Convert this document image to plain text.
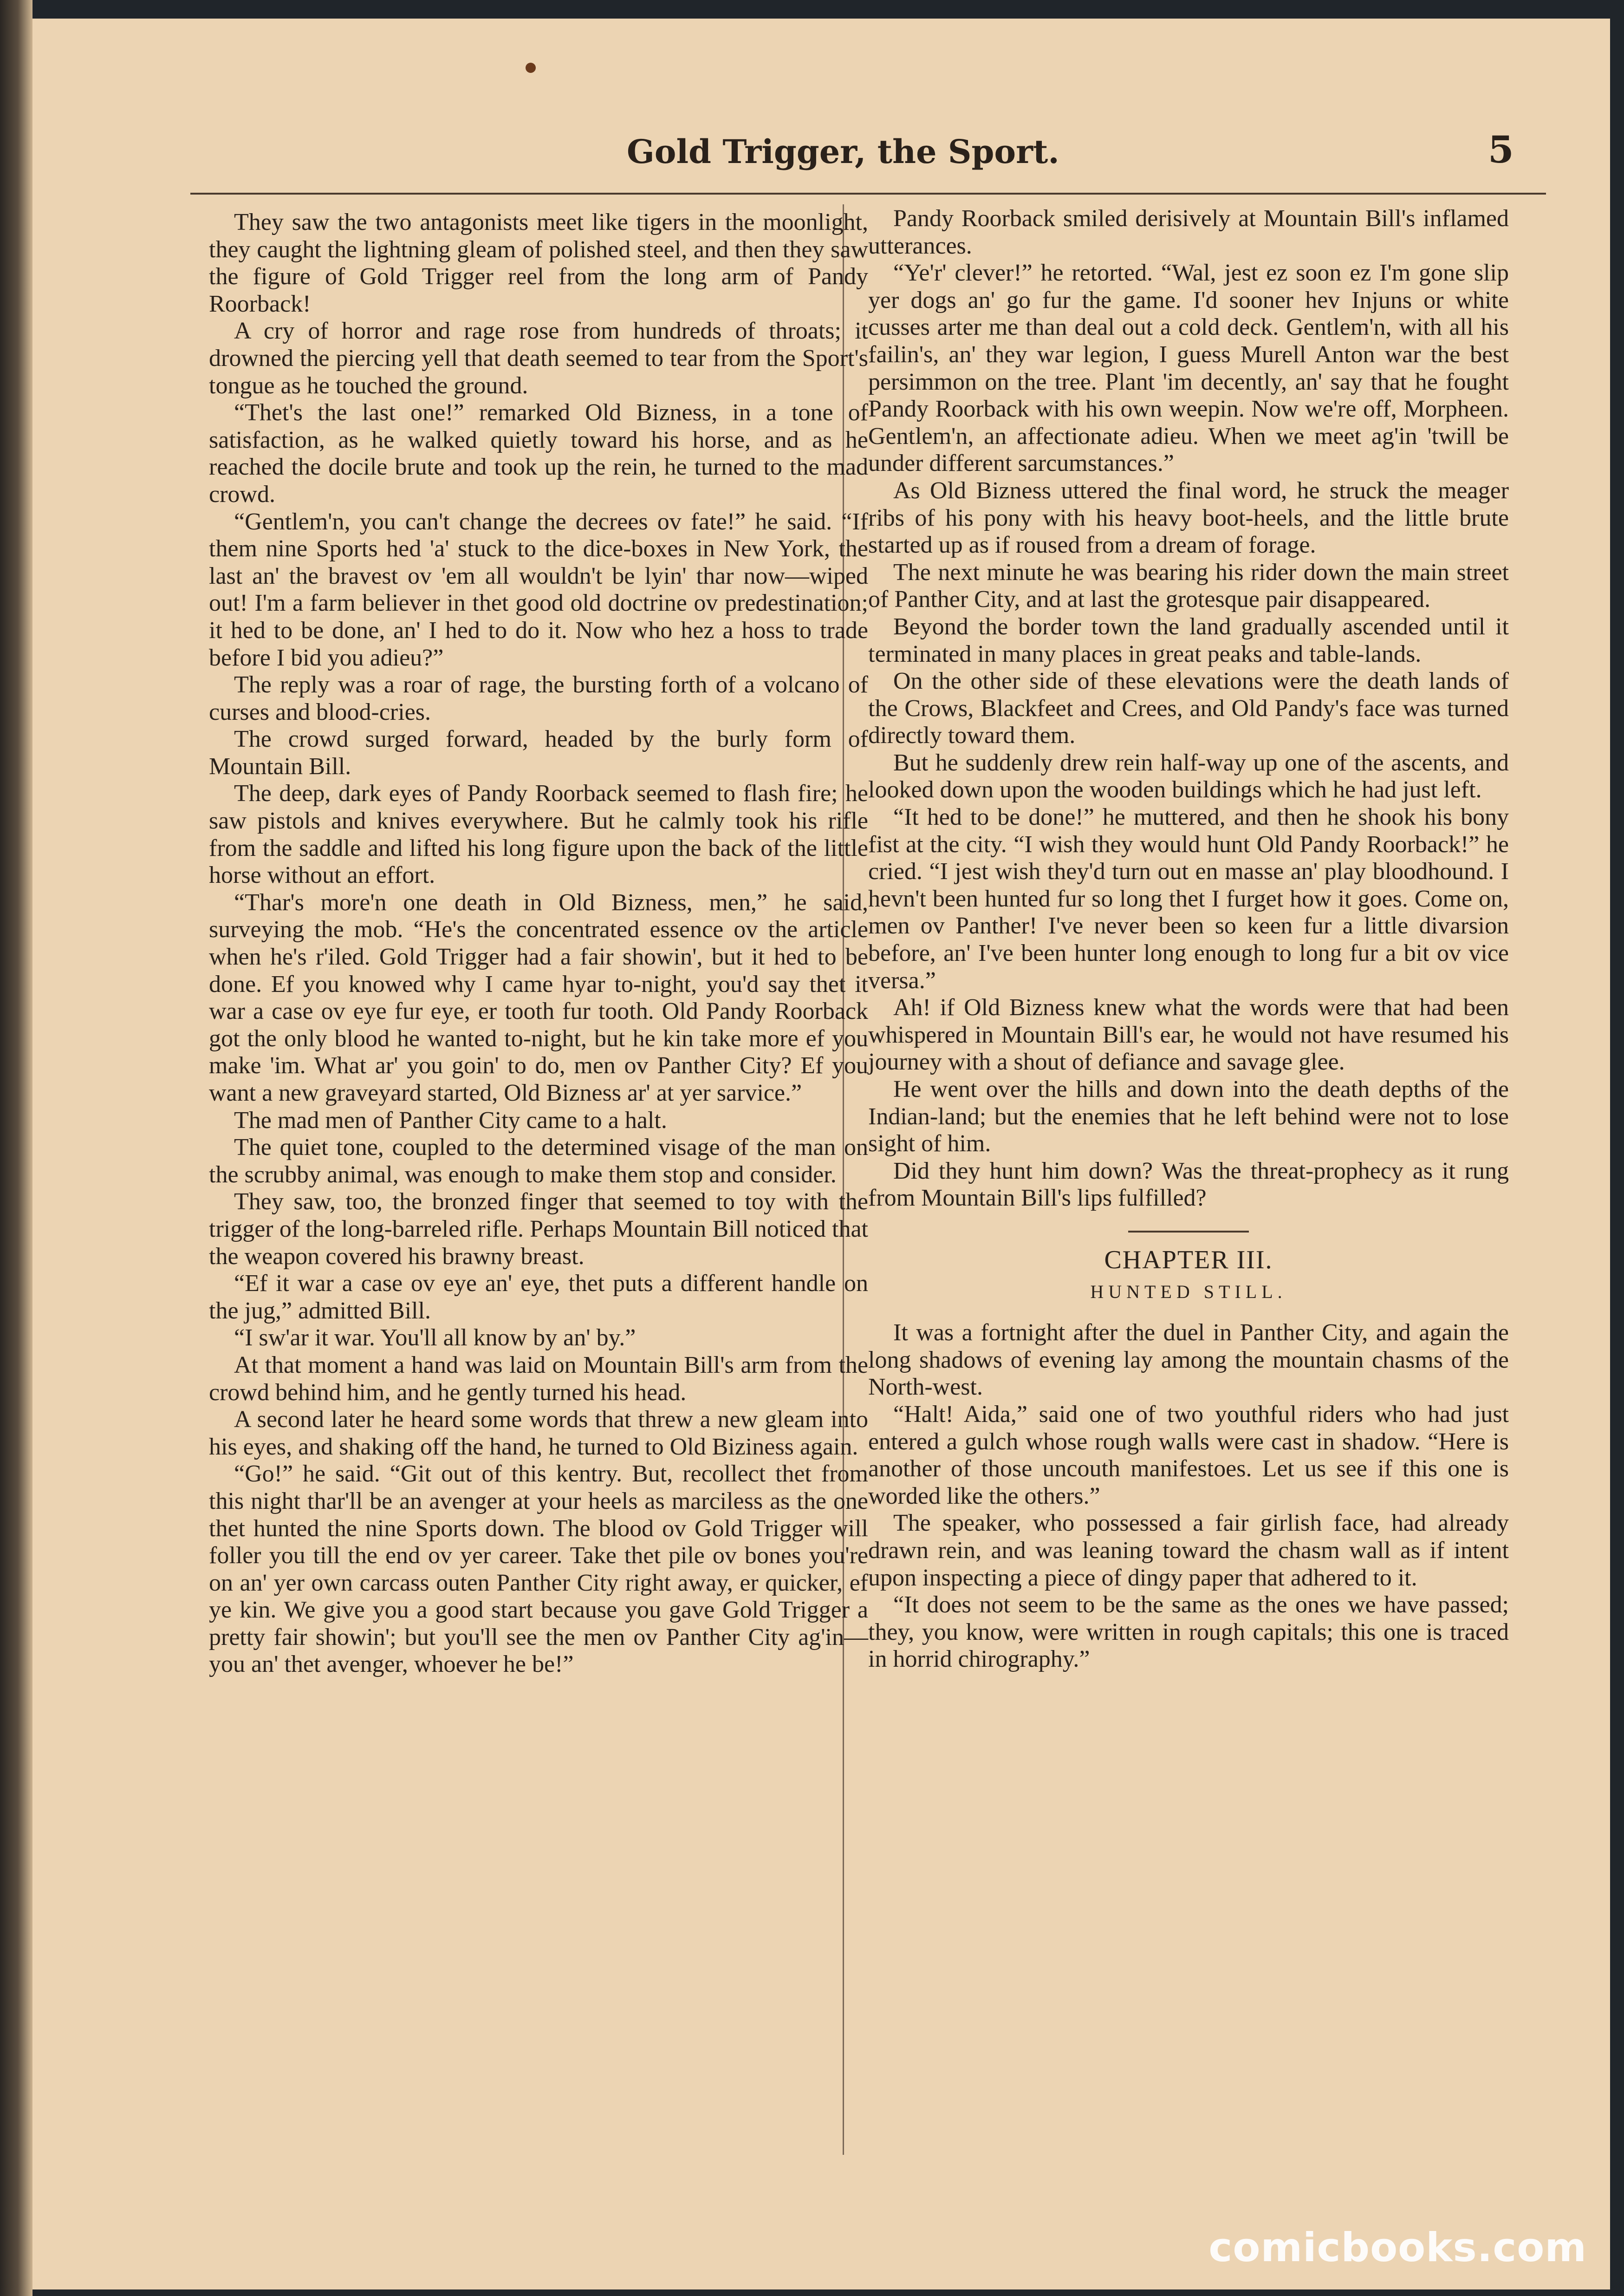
Gold Trigger, the Sport.	5

They saw the two antagonists meet like tigers in the moonlight, they caught the lightning gleam of polished steel, and then they saw the figure of Gold Trigger reel from the long arm of Pandy Roorback!

A cry of horror and rage rose from hundreds of throats; it drowned the piercing yell that death seemed to tear from the Sport's tongue as he touched the ground.

“Thet's the last one!” remarked Old Bizness, in a tone of satisfaction, as he walked quietly toward his horse, and as he reached the docile brute and took up the rein, he turned to the mad crowd.

“Gentlem'n, you can't change the decrees ov fate!” he said. “If them nine Sports hed 'a' stuck to the dice-boxes in New York, the last an' the bravest ov 'em all wouldn't be lyin' thar now—wiped out! I'm a farm believer in thet good old doctrine ov predestination; it hed to be done, an' I hed to do it. Now who hez a hoss to trade before I bid you adieu?”

The reply was a roar of rage, the bursting forth of a volcano of curses and blood-cries.

The crowd surged forward, headed by the burly form of Mountain Bill.

The deep, dark eyes of Pandy Roorback seemed to flash fire; he saw pistols and knives everywhere. But he calmly took his rifle from the saddle and lifted his long figure upon the back of the little horse without an effort.

“Thar's more'n one death in Old Bizness, men,” he said, surveying the mob. “He's the concentrated essence ov the article when he's r'iled. Gold Trigger had a fair showin', but it hed to be done. Ef you knowed why I came hyar to-night, you'd say thet it war a case ov eye fur eye, er tooth fur tooth. Old Pandy Roorback got the only blood he wanted to-night, but he kin take more ef you make 'im. What ar' you goin' to do, men ov Panther City? Ef you want a new graveyard started, Old Bizness ar' at yer sarvice.”

The mad men of Panther City came to a halt.

The quiet tone, coupled to the determined visage of the man on the scrubby animal, was enough to make them stop and consider.

They saw, too, the bronzed finger that seemed to toy with the trigger of the long-barreled rifle. Perhaps Mountain Bill noticed that the weapon covered his brawny breast.

“Ef it war a case ov eye an' eye, thet puts a different handle on the jug,” admitted Bill.

“I sw'ar it war. You'll all know by an' by.”

At that moment a hand was laid on Mountain Bill's arm from the crowd behind him, and he gently turned his head.

A second later he heard some words that threw a new gleam into his eyes, and shaking off the hand, he turned to Old Biziness again.

“Go!” he said. “Git out of this kentry. But, recollect thet from this night thar'll be an avenger at your heels as marciless as the one thet hunted the nine Sports down. The blood ov Gold Trigger will foller you till the end ov yer career. Take thet pile ov bones you're on an' yer own carcass outen Panther City right away, er quicker, ef ye kin. We give you a good start because you gave Gold Trigger a pretty fair showin'; but you'll see the men ov Panther City ag'in—you an' thet avenger, whoever he be!”

Pandy Roorback smiled derisively at Mountain Bill's inflamed utterances.

“Ye'r' clever!” he retorted. “Wal, jest ez soon ez I'm gone slip yer dogs an' go fur the game. I'd sooner hev Injuns or white cusses arter me than deal out a cold deck. Gentlem'n, with all his failin's, an' they war legion, I guess Murell Anton war the best persimmon on the tree. Plant 'im decently, an' say that he fought Pandy Roorback with his own weepin. Now we're off, Morpheen. Gentlem'n, an affectionate adieu. When we meet ag'in 'twill be under different sarcumstances.”

As Old Bizness uttered the final word, he struck the meager ribs of his pony with his heavy boot-heels, and the little brute started up as if roused from a dream of forage.

The next minute he was bearing his rider down the main street of Panther City, and at last the grotesque pair disappeared.

Beyond the border town the land gradually ascended until it terminated in many places in great peaks and table-lands.

On the other side of these elevations were the death lands of the Crows, Blackfeet and Crees, and Old Pandy's face was turned directly toward them.

But he suddenly drew rein half-way up one of the ascents, and looked down upon the wooden buildings which he had just left.

“It hed to be done!” he muttered, and then he shook his bony fist at the city. “I wish they would hunt Old Pandy Roorback!” he cried. “I jest wish they'd turn out en masse an' play bloodhound. I hevn't been hunted fur so long thet I furget how it goes. Come on, men ov Panther! I've never been so keen fur a little divarsion before, an' I've been hunter long enough to long fur a bit ov vice versa.”

Ah! if Old Bizness knew what the words were that had been whispered in Mountain Bill's ear, he would not have resumed his journey with a shout of defiance and savage glee.

He went over the hills and down into the death depths of the Indian-land; but the enemies that he left behind were not to lose sight of him.

Did they hunt him down? Was the threat-prophecy as it rung from Mountain Bill's lips fulfilled?

CHAPTER III.
HUNTED STILL.

It was a fortnight after the duel in Panther City, and again the long shadows of evening lay among the mountain chasms of the North-west.

“Halt! Aida,” said one of two youthful riders who had just entered a gulch whose rough walls were cast in shadow. “Here is another of those uncouth manifestoes. Let us see if this one is worded like the others.”

The speaker, who possessed a fair girlish face, had already drawn rein, and was leaning toward the chasm wall as if intent upon inspecting a piece of dingy paper that adhered to it.

“It does not seem to be the same as the ones we have passed; they, you know, were written in rough capitals; this one is traced in horrid chirography.”

comicbooks.com
